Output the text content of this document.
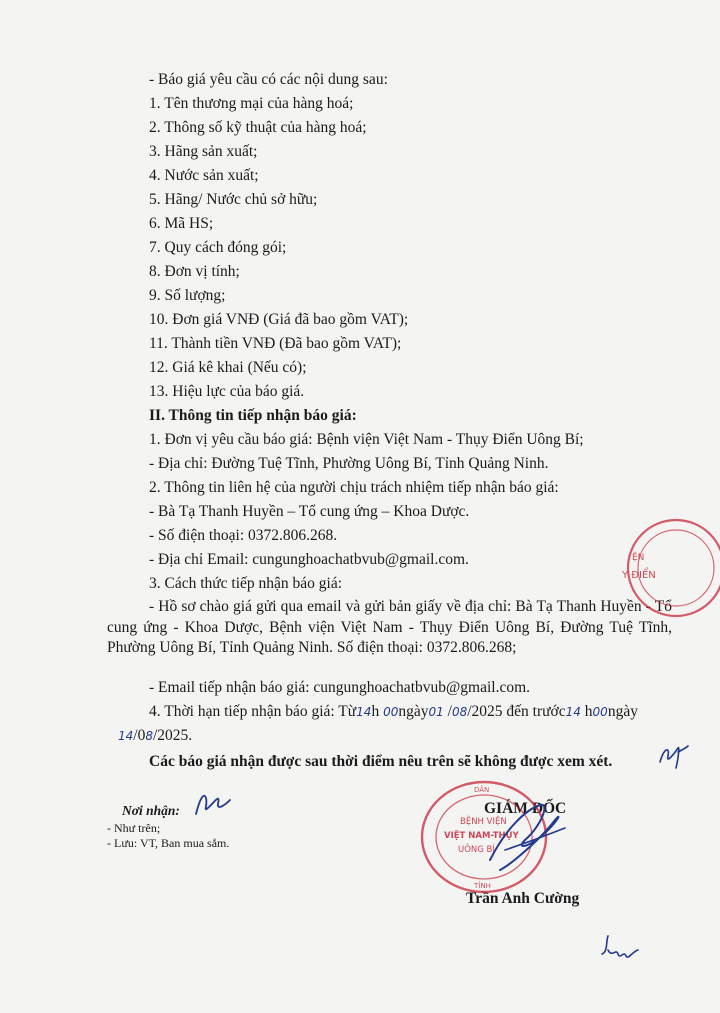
- Báo giá yêu cầu có các nội dung sau:
1. Tên thương mại của hàng hoá;
2. Thông số kỹ thuật của hàng hoá;
3. Hãng sản xuất;
4. Nước sản xuất;
5. Hãng/ Nước chủ sở hữu;
6. Mã HS;
7. Quy cách đóng gói;
8. Đơn vị tính;
9. Số lượng;
10. Đơn giá VNĐ (Giá đã bao gồm VAT);
11. Thành tiền VNĐ (Đã bao gồm VAT);
12. Giá kê khai (Nếu có);
13. Hiệu lực của báo giá.
II. Thông tin tiếp nhận báo giá:
1. Đơn vị yêu cầu báo giá: Bệnh viện Việt Nam - Thụy Điển Uông Bí;
- Địa chỉ: Đường Tuệ Tĩnh, Phường Uông Bí, Tỉnh Quảng Ninh.
2. Thông tin liên hệ của người chịu trách nhiệm tiếp nhận báo giá:
- Bà Tạ Thanh Huyền – Tổ cung ứng – Khoa Dược.
- Số điện thoại: 0372.806.268.
- Địa chỉ Email: cungunghoachatbvub@gmail.com.
3. Cách thức tiếp nhận báo giá:
- Hồ sơ chào giá gửi qua email và gửi bản giấy về địa chỉ: Bà Tạ Thanh Huyền - Tổ cung ứng - Khoa Dược, Bệnh viện Việt Nam - Thụy Điển Uông Bí, Đường Tuệ Tĩnh, Phường Uông Bí, Tỉnh Quảng Ninh. Số điện thoại: 0372.806.268;
- Email tiếp nhận báo giá: cungunghoachatbvub@gmail.com.
4. Thời hạn tiếp nhận báo giá: Từ14h 00ngày01 /08/2025 đến trước14 h00ngày
14/08/2025.
Các báo giá nhận được sau thời điểm nêu trên sẽ không được xem xét.
Nơi nhận:
- Như trên;
- Lưu: VT, Ban mua sắm.
GIÁM ĐỐC
Trần Anh Cường
ỆN
Y ĐIỂN
BỆNH VIỆN
VIỆT NAM-THỤY
UÔNG BÍ
DÂN
TỈNH
